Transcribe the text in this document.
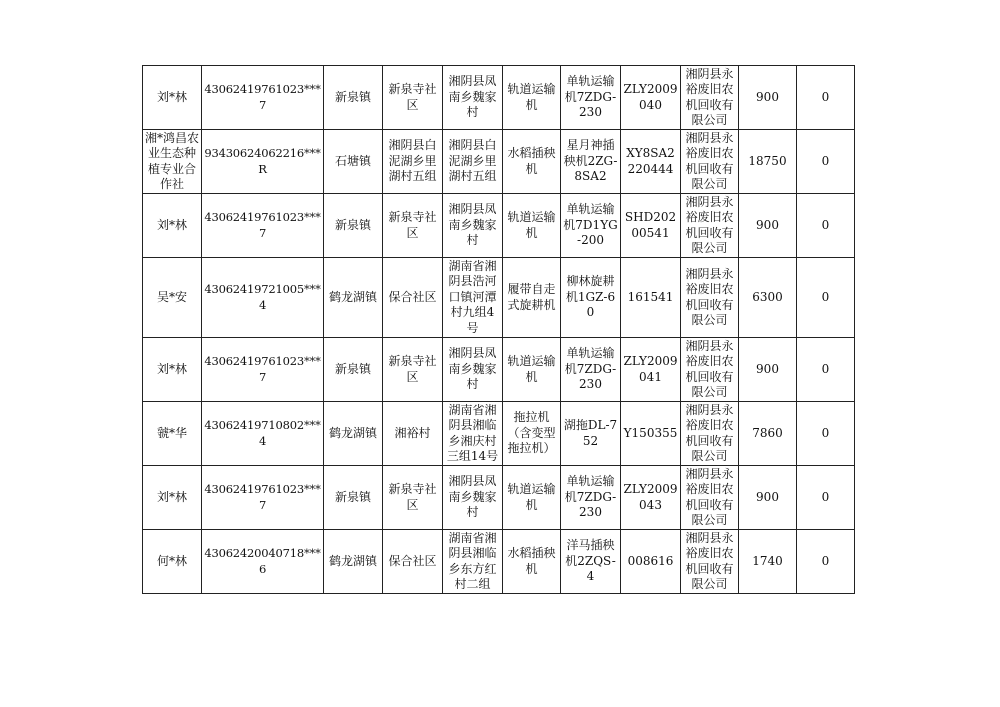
刘*林	43062419761023***7	新泉镇	新泉寺社区	湘阴县凤南乡魏家村	轨道运输机	单轨运输机7ZDG-230	ZLY2009040	湘阴县永裕废旧农机回收有限公司	900	0
湘*鸿昌农业生态种植专业合作社	93430624062216***R	石塘镇	湘阴县白泥湖乡里湖村五组	湘阴县白泥湖乡里湖村五组	水稻插秧机	星月神插秧机2ZG-8SA2	XY8SA2220444	湘阴县永裕废旧农机回收有限公司	18750	0
刘*林	43062419761023***7	新泉镇	新泉寺社区	湘阴县凤南乡魏家村	轨道运输机	单轨运输机7D1YG-200	SHD20200541	湘阴县永裕废旧农机回收有限公司	900	0
吴*安	43062419721005***4	鹤龙湖镇	保合社区	湖南省湘阴县浩河口镇河潭村九组4号	履带自走式旋耕机	柳林旋耕机1GZ-60	161541	湘阴县永裕废旧农机回收有限公司	6300	0
刘*林	43062419761023***7	新泉镇	新泉寺社区	湘阴县凤南乡魏家村	轨道运输机	单轨运输机7ZDG-230	ZLY2009041	湘阴县永裕废旧农机回收有限公司	900	0
虢*华	43062419710802***4	鹤龙湖镇	湘裕村	湖南省湘阴县湘临乡湘庆村三组14号	拖拉机（含变型拖拉机）	湖拖DL-752	Y150355	湘阴县永裕废旧农机回收有限公司	7860	0
刘*林	43062419761023***7	新泉镇	新泉寺社区	湘阴县凤南乡魏家村	轨道运输机	单轨运输机7ZDG-230	ZLY2009043	湘阴县永裕废旧农机回收有限公司	900	0
何*林	43062420040718***6	鹤龙湖镇	保合社区	湖南省湘阴县湘临乡东方红村二组	水稻插秧机	洋马插秧机2ZQS-4	008616	湘阴县永裕废旧农机回收有限公司	1740	0
